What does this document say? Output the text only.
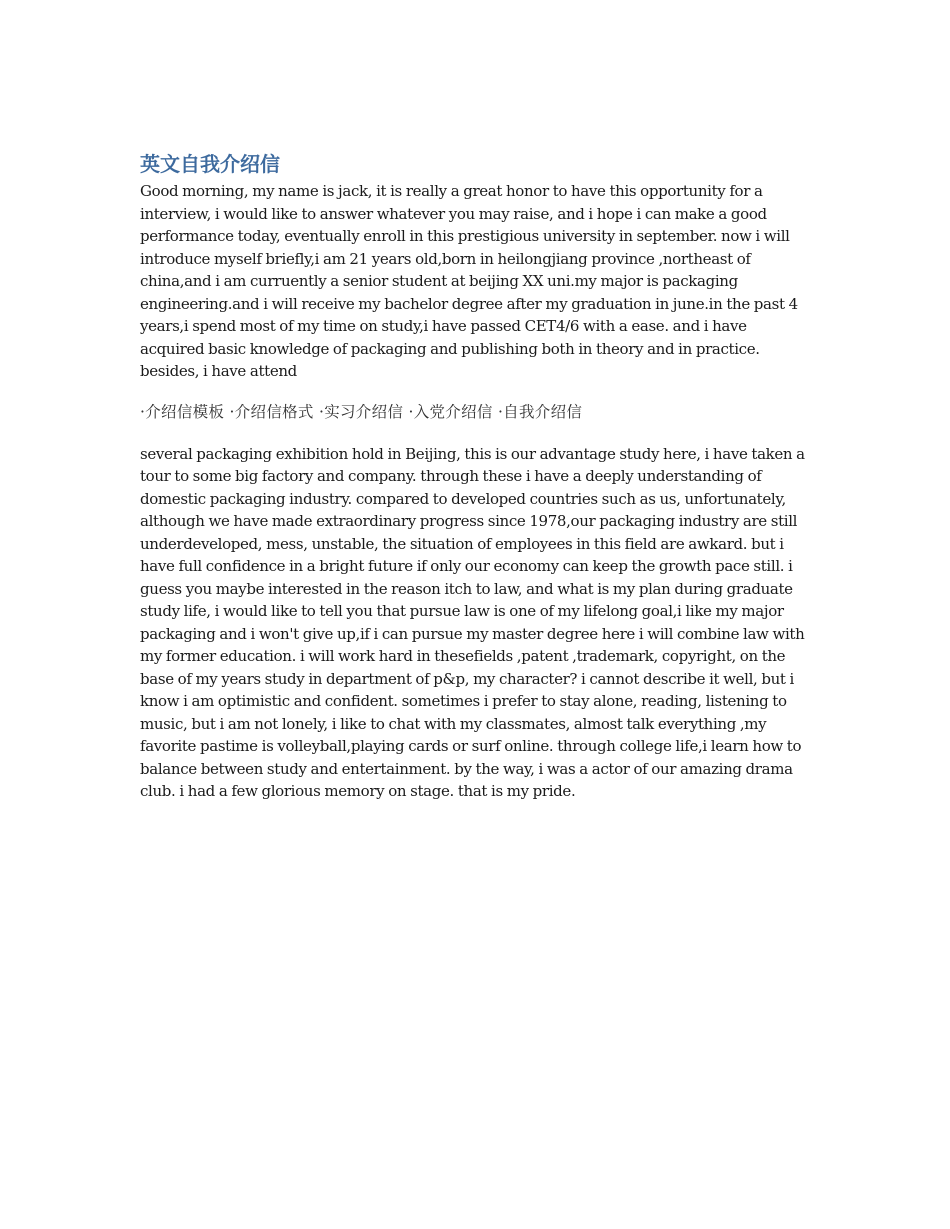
英文自我介绍信

Good morning, my name is jack, it is really a great honor to have this opportunity for a interview, i would like to answer whatever you may raise, and i hope i can make a good performance today, eventually enroll in this prestigious university in september. now i will introduce myself briefly,i am 21 years old,born in heilongjiang province ,northeast of china,and i am curruently a senior student at beijing XX uni.my major is packaging engineering.and i will receive my bachelor degree after my graduation in june.in the past 4 years,i spend most of my time on study,i have passed CET4/6 with a ease. and i have acquired basic knowledge of packaging and publishing both in theory and in practice. besides, i have attend

·介绍信模板 ·介绍信格式 ·实习介绍信 ·入党介绍信 ·自我介绍信

several packaging exhibition hold in Beijing, this is our advantage study here, i have taken a tour to some big factory and company. through these i have a deeply understanding of domestic packaging industry. compared to developed countries such as us, unfortunately, although we have made extraordinary progress since 1978,our packaging industry are still underdeveloped, mess, unstable, the situation of employees in this field are awkard. but i have full confidence in a bright future if only our economy can keep the growth pace still. i guess you maybe interested in the reason itch to law, and what is my plan during graduate study life, i would like to tell you that pursue law is one of my lifelong goal,i like my major packaging and i won't give up,if i can pursue my master degree here i will combine law with my former education. i will work hard in thesefields ,patent ,trademark, copyright, on the base of my years study in department of p&p, my character? i cannot describe it well, but i know i am optimistic and confident. sometimes i prefer to stay alone, reading, listening to music, but i am not lonely, i like to chat with my classmates, almost talk everything ,my favorite pastime is volleyball,playing cards or surf online. through college life,i learn how to balance between study and entertainment. by the way, i was a actor of our amazing drama club. i had a few glorious memory on stage. that is my pride.
